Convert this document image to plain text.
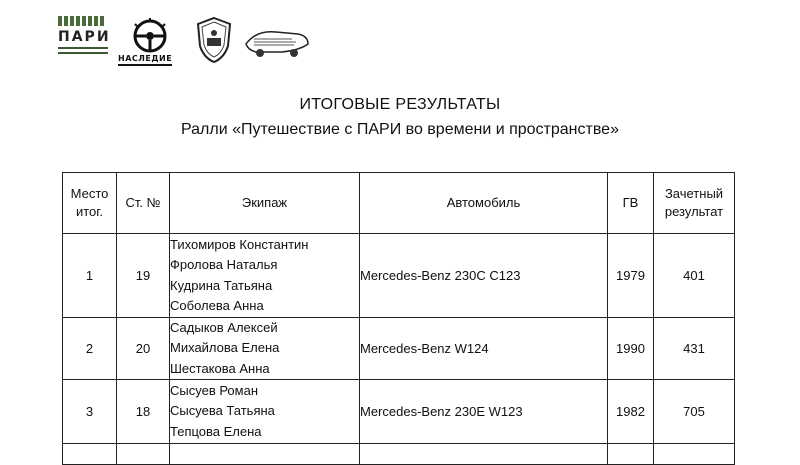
ПАРИ
НАСЛЕДИЕ
ИТОГОВЫЕ РЕЗУЛЬТАТЫ
Ралли «Путешествие с ПАРИ во времени и пространстве»
Место
итог.	Ст. №	Экипаж	Автомобиль	ГВ	Зачетный
результат
1	19	Тихомиров Константин
Фролова Наталья
Кудрина Татьяна
Соболева Анна	Mercedes-Benz 230C C123	1979	401
2	20	Садыков Алексей
Михайлова Елена
Шестакова Анна	Mercedes-Benz W124	1990	431
3	18	Сысуев Роман
Сысуева Татьяна
Тепцова Елена	Mercedes-Benz 230E W123	1982	705
